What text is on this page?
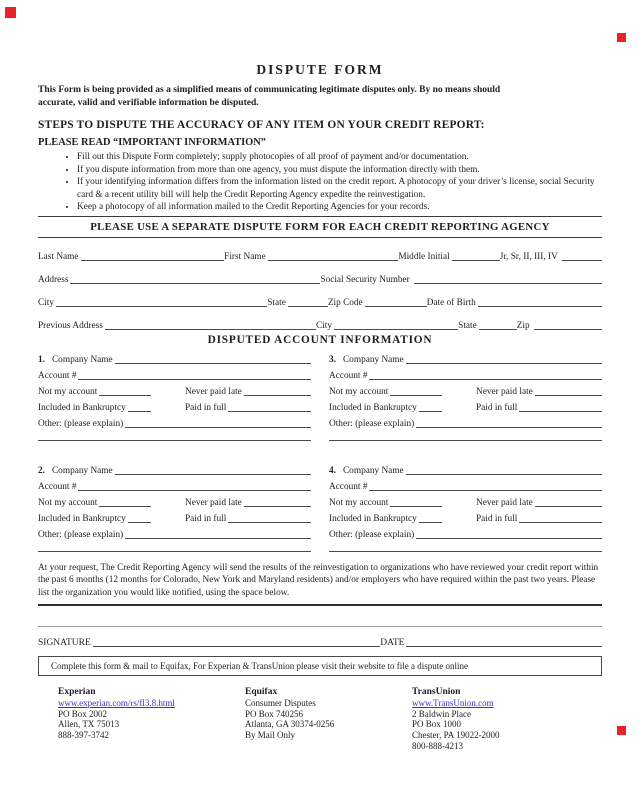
DISPUTE FORM

This Form is being provided as a simplified means of communicating legitimate disputes only. By no means should
accurate, valid and verifiable information be disputed.

STEPS TO DISPUTE THE ACCURACY OF ANY ITEM ON YOUR CREDIT REPORT:
PLEASE READ “IMPORTANT INFORMATION”
• Fill out this Dispute Form completely; supply photocopies of all proof of payment and/or documentation.
• If you dispute information from more than one agency, you must dispute the information directly with them.
• If your identifying information differs from the information listed on the credit report. A photocopy of your driver’s license, social Security card & a recent utility bill will help the Credit Reporting Agency expedite the reinvestigation.
• Keep a photocopy of all information mailed to the Credit Reporting Agencies for your records.
PLEASE USE A SEPARATE DISPUTE FORM FOR EACH CREDIT REPORTING AGENCY
Last Name	First Name	Middle Initial	Jr, Sr, II, III, IV
Address	Social Security Number
City	State	Zip Code	Date of Birth
Previous Address	City	State	Zip
DISPUTED ACCOUNT INFORMATION
1. Company Name
Account #
Not my account	Never paid late
Included in Bankruptcy	Paid in full
Other: (please explain)
3. Company Name
Account #
Not my account	Never paid late
Included in Bankruptcy	Paid in full
Other: (please explain)
2. Company Name
Account #
Not my account	Never paid late
Included in Bankruptcy	Paid in full
Other: (please explain)
4. Company Name
Account #
Not my account	Never paid late
Included in Bankruptcy	Paid in full
Other: (please explain)

At your request, The Credit Reporting Agency will send the results of the reinvestigation to organizations who have reviewed your credit report within the past 6 months (12 months for Colorado, New York and Maryland residents) and/or employers who have required within the past two years. Please list the organization you would like notified, using the space below.

SIGNATURE	DATE
Complete this form & mail to Equifax, For Experian & TransUnion please visit their website to file a dispute online
Experian
www.experian.com/rs/fl3.8.html
PO Box 2002
Allen, TX 75013
888-397-3742
Equifax
Consumer Disputes
PO Box 740256
Atlanta, GA 30374-0256
By Mail Only
TransUnion
www.TransUnion.com
2 Baldwin Place
PO Box 1000
Chester, PA 19022-2000
800-888-4213
